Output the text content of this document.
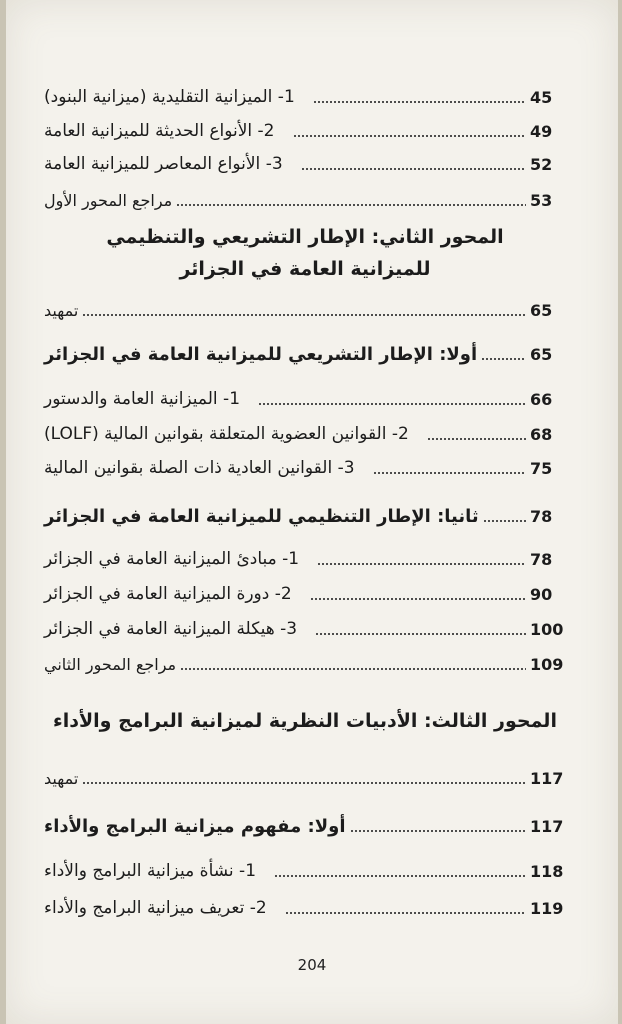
1- الميزانية التقليدية (ميزانية البنود)	45
2- الأنواع الحديثة للميزانية العامة	49
3- الأنواع المعاصر للميزانية العامة	52
مراجع المحور الأول	53
المحور الثاني: الإطار التشريعي والتنظيمي
للميزانية العامة في الجزائر
تمهيد	65
أولا: الإطار التشريعي للميزانية العامة في الجزائر	65
1- الميزانية العامة والدستور	66
2- القوانين العضوية المتعلقة بقوانين المالية (LOLF)	68
3- القوانين العادية ذات الصلة بقوانين المالية	75
ثانيا: الإطار التنظيمي للميزانية العامة في الجزائر	78
1- مبادئ الميزانية العامة في الجزائر	78
2- دورة الميزانية العامة في الجزائر	90
3- هيكلة الميزانية العامة في الجزائر	100
مراجع المحور الثاني	109
المحور الثالث: الأدبيات النظرية لميزانية البرامج والأداء
تمهيد	117
أولا: مفهوم ميزانية البرامج والأداء	117
1- نشأة ميزانية البرامج والأداء	118
2- تعريف ميزانية البرامج والأداء	119
204
